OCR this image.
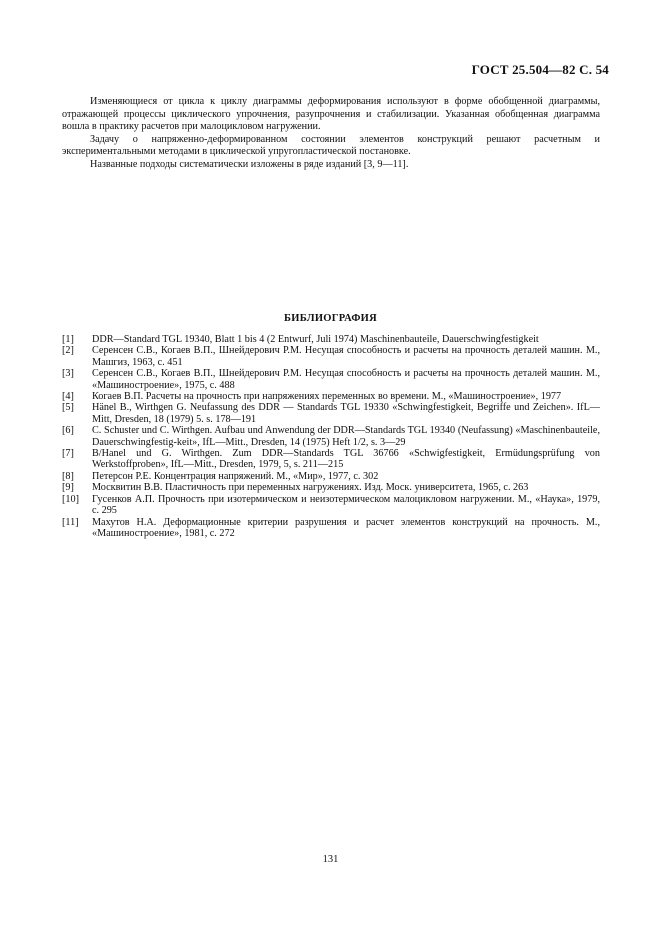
ГОСТ 25.504—82 С. 54

Изменяющиеся от цикла к циклу диаграммы деформирования используют в форме обобщенной диаграммы, отражающей процессы циклического упрочнения, разупрочнения и стабилизации. Указанная обобщенная диаграмма вошла в практику расчетов при малоцикловом нагружении.

Задачу о напряженно-деформированном состоянии элементов конструкций решают расчетным и экспериментальными методами в циклической упругопластической постановке.

Названные подходы систематически изложены в ряде изданий [3, 9—11].

БИБЛИОГРАФИЯ
[1]	DDR—Standard TGL 19340, Blatt 1 bis 4 (2 Entwurf, Juli 1974) Maschinenbauteile, Dauerschwingfestigkeit
[2]	Серенсен С.В., Когаев В.П., Шнейдерович Р.М. Несущая способность и расчеты на прочность деталей машин. М., Машгиз, 1963, с. 451
[3]	Серенсен С.В., Когаев В.П., Шнейдерович Р.М. Несущая способность и расчеты на прочность деталей машин. М., «Машиностроение», 1975, с. 488
[4]	Когаев В.П. Расчеты на прочность при напряжениях переменных во времени. М., «Машиностроение», 1977
[5]	Hänel B., Wirthgen G. Neufassung des DDR — Standards TGL 19330 «Schwingfestigkeit, Begriffe und Zeichen». IfL—Mitt, Dresden, 18 (1979) 5. s. 178—191
[6]	C. Schuster und C. Wirthgen. Aufbau und Anwendung der DDR—Standards TGL 19340 (Neufassung) «Maschinenbauteile, Dauerschwingfestig-keit», IfL—Mitt., Dresden, 14 (1975) Heft 1/2, s. 3—29
[7]	B/Hanel und G. Wirthgen. Zum DDR—Standards TGL 36766 «Schwigfestigkeit, Ermüdungsprüfung von Werkstoffproben», IfL—Mitt., Dresden, 1979, 5, s. 211—215
[8]	Петерсон Р.Е. Концентрация напряжений. М., «Мир», 1977, с. 302
[9]	Москвитин В.В. Пластичность при переменных нагружениях. Изд. Моск. университета, 1965, с. 263
[10]	Гусенков А.П. Прочность при изотермическом и неизотермическом малоцикловом нагружении. М., «Наука», 1979, с. 295
[11]	Махутов Н.А. Деформационные критерии разрушения и расчет элементов конструкций на прочность. М., «Машиностроение», 1981, с. 272
131
